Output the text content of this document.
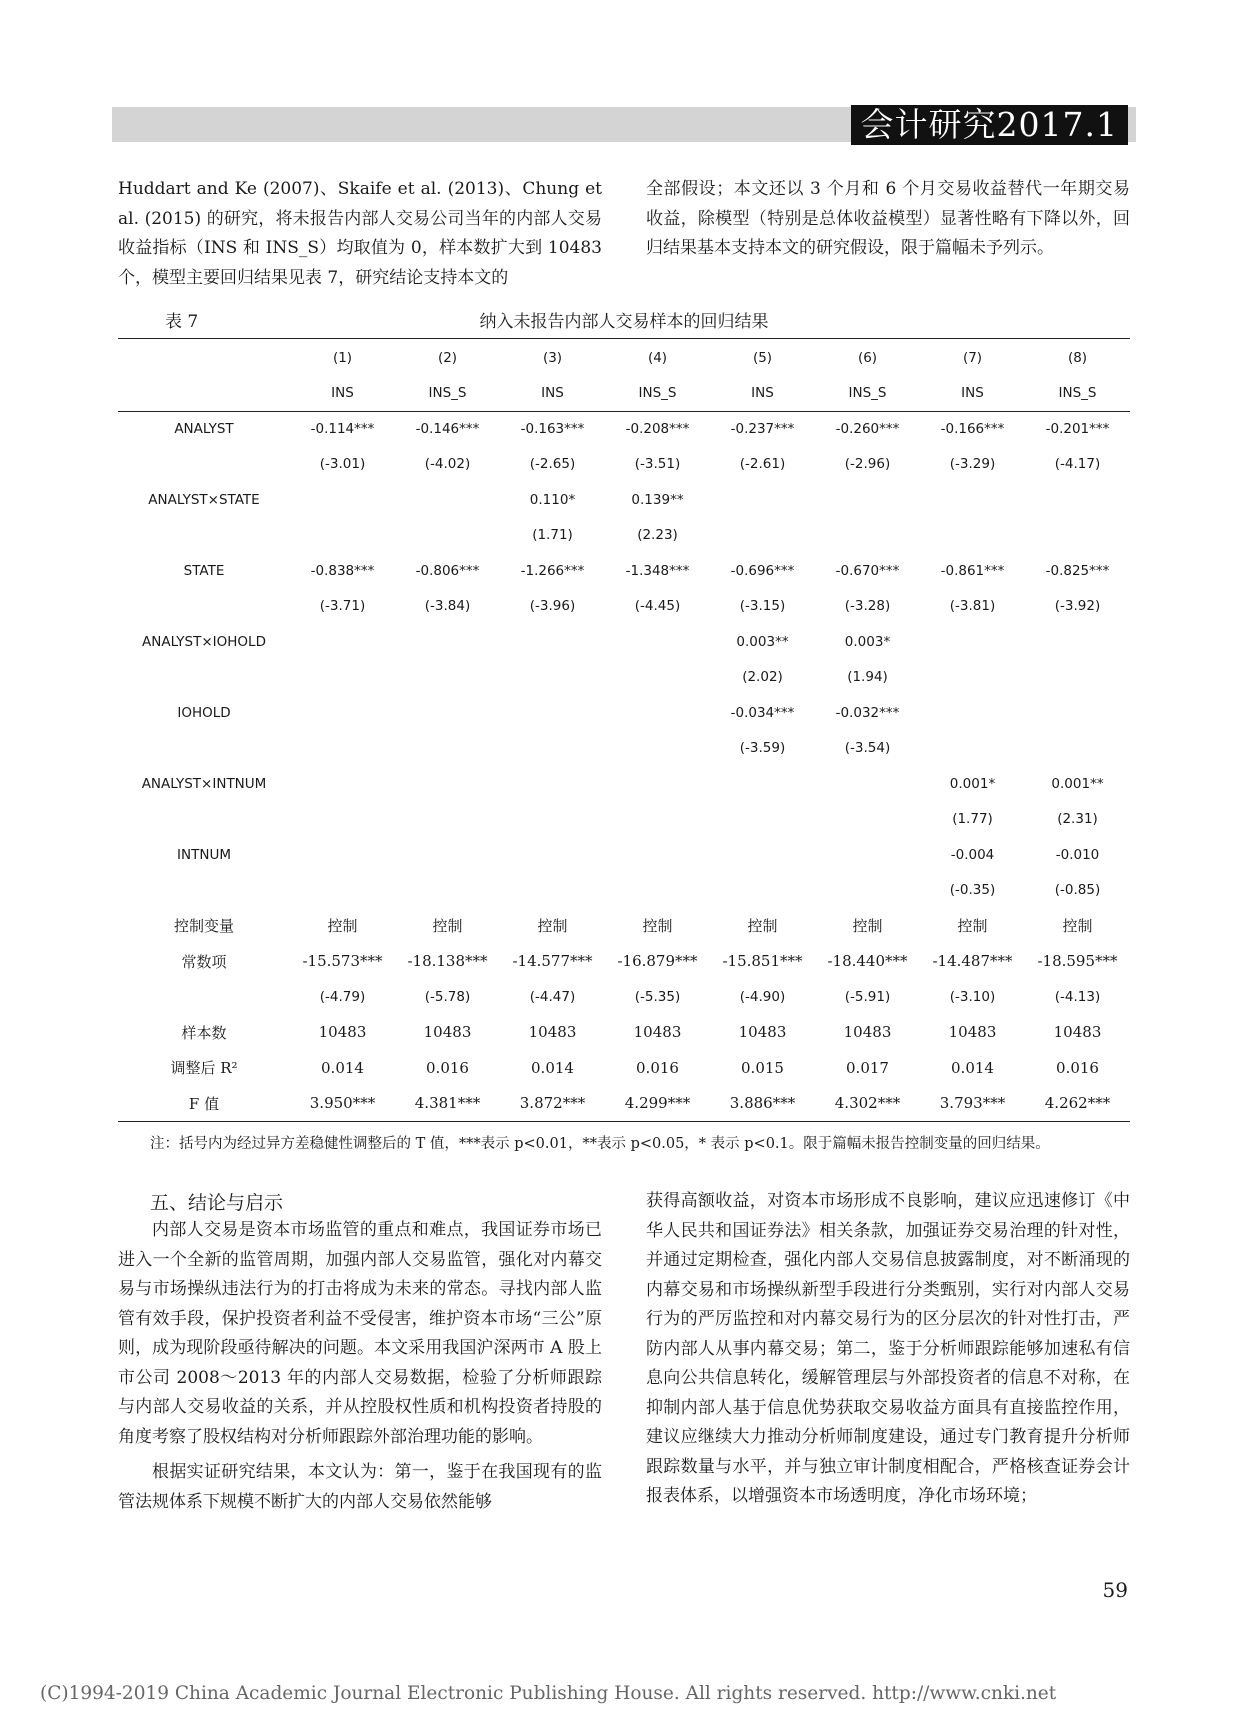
会计研究2017.1

Huddart and Ke (2007)、Skaife et al. (2013)、Chung et al. (2015) 的研究，将未报告内部人交易公司当年的内部人交易收益指标（INS 和 INS_S）均取值为 0，样本数扩大到 10483 个，模型主要回归结果见表 7，研究结论支持本文的

全部假设；本文还以 3 个月和 6 个月交易收益替代一年期交易收益，除模型（特别是总体收益模型）显著性略有下降以外，回归结果基本支持本文的研究假设，限于篇幅未予列示。

表 7	纳入未报告内部人交易样本的回归结果
	(1)	(2)	(3)	(4)	(5)	(6)	(7)	(8)
	INS	INS_S	INS	INS_S	INS	INS_S	INS	INS_S
ANALYST	-0.114***	-0.146***	-0.163***	-0.208***	-0.237***	-0.260***	-0.166***	-0.201***
	(-3.01)	(-4.02)	(-2.65)	(-3.51)	(-2.61)	(-2.96)	(-3.29)	(-4.17)
ANALYST×STATE			0.110*	0.139**				
			(1.71)	(2.23)				
STATE	-0.838***	-0.806***	-1.266***	-1.348***	-0.696***	-0.670***	-0.861***	-0.825***
	(-3.71)	(-3.84)	(-3.96)	(-4.45)	(-3.15)	(-3.28)	(-3.81)	(-3.92)
ANALYST×IOHOLD					0.003**	0.003*		
					(2.02)	(1.94)		
IOHOLD					-0.034***	-0.032***		
					(-3.59)	(-3.54)		
ANALYST×INTNUM							0.001*	0.001**
							(1.77)	(2.31)
INTNUM							-0.004	-0.010
							(-0.35)	(-0.85)
控制变量	控制	控制	控制	控制	控制	控制	控制	控制
常数项	-15.573***	-18.138***	-14.577***	-16.879***	-15.851***	-18.440***	-14.487***	-18.595***
	(-4.79)	(-5.78)	(-4.47)	(-5.35)	(-4.90)	(-5.91)	(-3.10)	(-4.13)
样本数	10483	10483	10483	10483	10483	10483	10483	10483
调整后 R²	0.014	0.016	0.014	0.016	0.015	0.017	0.014	0.016
F 值	3.950***	4.381***	3.872***	4.299***	3.886***	4.302***	3.793***	4.262***
注：括号内为经过异方差稳健性调整后的 T 值，***表示 p<0.01，**表示 p<0.05，* 表示 p<0.1。限于篇幅未报告控制变量的回归结果。
五、结论与启示

内部人交易是资本市场监管的重点和难点，我国证券市场已进入一个全新的监管周期，加强内部人交易监管，强化对内幕交易与市场操纵违法行为的打击将成为未来的常态。寻找内部人监管有效手段，保护投资者利益不受侵害，维护资本市场“三公”原则，成为现阶段亟待解决的问题。本文采用我国沪深两市 A 股上市公司 2008～2013 年的内部人交易数据，检验了分析师跟踪与内部人交易收益的关系，并从控股权性质和机构投资者持股的角度考察了股权结构对分析师跟踪外部治理功能的影响。

根据实证研究结果，本文认为：第一，鉴于在我国现有的监管法规体系下规模不断扩大的内部人交易依然能够

获得高额收益，对资本市场形成不良影响，建议应迅速修订《中华人民共和国证券法》相关条款，加强证券交易治理的针对性，并通过定期检查，强化内部人交易信息披露制度，对不断涌现的内幕交易和市场操纵新型手段进行分类甄别，实行对内部人交易行为的严厉监控和对内幕交易行为的区分层次的针对性打击，严防内部人从事内幕交易；第二，鉴于分析师跟踪能够加速私有信息向公共信息转化，缓解管理层与外部投资者的信息不对称，在抑制内部人基于信息优势获取交易收益方面具有直接监控作用，建议应继续大力推动分析师制度建设，通过专门教育提升分析师跟踪数量与水平，并与独立审计制度相配合，严格核查证券会计报表体系，以增强资本市场透明度，净化市场环境；

59
(C)1994-2019 China Academic Journal Electronic Publishing House. All rights reserved. http://www.cnki.net
